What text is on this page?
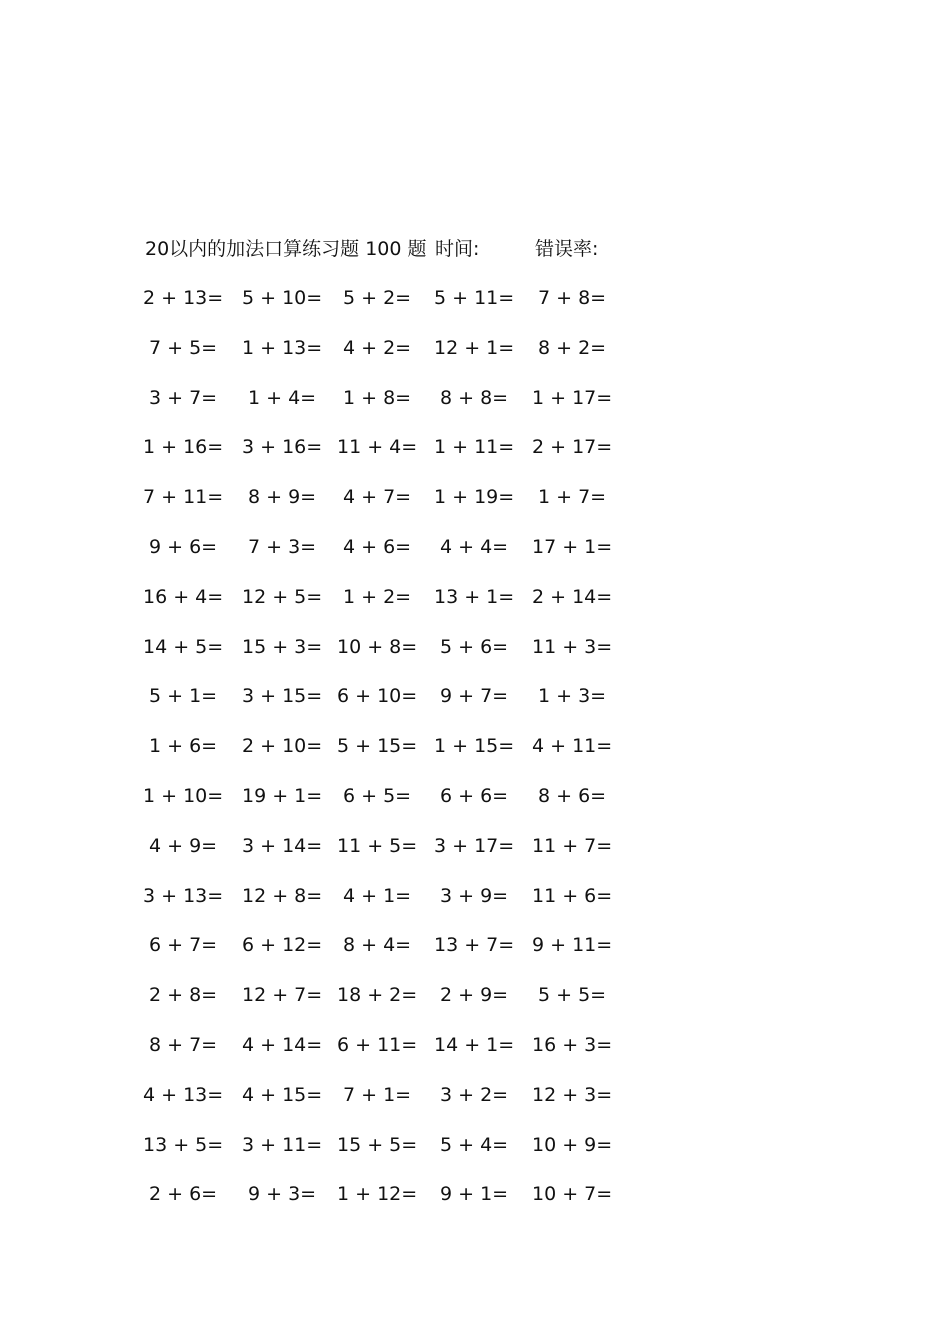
20以内的加法口算练习题 100 题 时间:	错误率:
2 + 13= 5 + 10= 5 + 2= 5 + 11= 7 + 8=
7 + 5= 1 + 13= 4 + 2= 12 + 1= 8 + 2=
3 + 7= 1 + 4= 1 + 8= 8 + 8= 1 + 17=
1 + 16= 3 + 16= 11 + 4= 1 + 11= 2 + 17=
7 + 11= 8 + 9= 4 + 7= 1 + 19= 1 + 7=
9 + 6= 7 + 3= 4 + 6= 4 + 4= 17 + 1=
16 + 4= 12 + 5= 1 + 2= 13 + 1= 2 + 14=
14 + 5= 15 + 3= 10 + 8= 5 + 6= 11 + 3=
5 + 1= 3 + 15= 6 + 10= 9 + 7= 1 + 3=
1 + 6= 2 + 10= 5 + 15= 1 + 15= 4 + 11=
1 + 10= 19 + 1= 6 + 5= 6 + 6= 8 + 6=
4 + 9= 3 + 14= 11 + 5= 3 + 17= 11 + 7=
3 + 13= 12 + 8= 4 + 1= 3 + 9= 11 + 6=
6 + 7= 6 + 12= 8 + 4= 13 + 7= 9 + 11=
2 + 8= 12 + 7= 18 + 2= 2 + 9= 5 + 5=
8 + 7= 4 + 14= 6 + 11= 14 + 1= 16 + 3=
4 + 13= 4 + 15= 7 + 1= 3 + 2= 12 + 3=
13 + 5= 3 + 11= 15 + 5= 5 + 4= 10 + 9=
2 + 6= 9 + 3= 1 + 12= 9 + 1= 10 + 7=
